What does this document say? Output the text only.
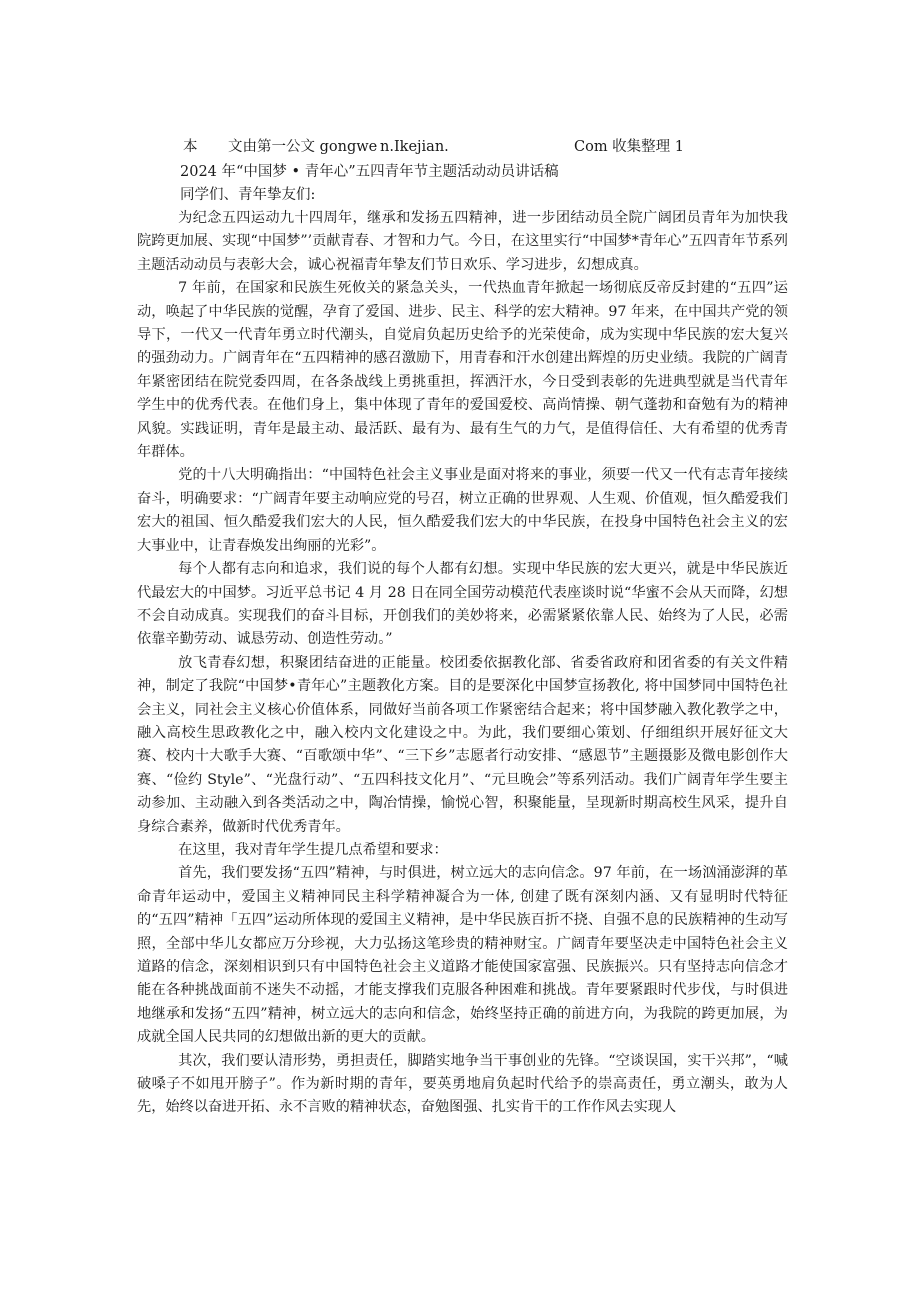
本 文由第一公文 gongwe n.Ikejian.	Com 收集整理 1
2024 年“中国梦 • 青年心”五四青年节主题活动动员讲话稿
同学们、青年挚友们:

为纪念五四运动九十四周年，继承和发扬五四精神，进一步团结动员全院广阔团员青年为加快我院跨更加展、实现“中国梦”’贡献青春、才智和力气。今日，在这里实行“中国梦*青年心”五四青年节系列主题活动动员与表彰大会，诚心祝福青年挚友们节日欢乐、学习进步，幻想成真。

7 年前，在国家和民族生死攸关的紧急关头，一代热血青年掀起一场彻底反帝反封建的“五四”运动，唤起了中华民族的觉醒，孕育了爱国、进步、民主、科学的宏大精神。97 年来，在中国共产党的领导下，一代又一代青年勇立时代潮头，自觉肩负起历史给予的光荣使命，成为实现中华民族的宏大复兴的强劲动力。广阔青年在“五四精神的感召激励下，用青春和汗水创建出辉煌的历史业绩。我院的广阔青年紧密团结在院党委四周，在各条战线上勇挑重担，挥洒汗水，今日受到表彰的先进典型就是当代青年学生中的优秀代表。在他们身上，集中体现了青年的爱国爱校、高尚情操、朝气蓬勃和奋勉有为的精神风貌。实践证明，青年是最主动、最活跃、最有为、最有生气的力气，是值得信任、大有希望的优秀青年群体。

党的十八大明确指出：“中国特色社会主义事业是面对将来的事业，须要一代又一代有志青年接续奋斗，明确要求：“广阔青年要主动响应党的号召，树立正确的世界观、人生观、价值观，恒久酷爱我们宏大的祖国、恒久酷爱我们宏大的人民，恒久酷爱我们宏大的中华民族，在投身中国特色社会主义的宏大事业中，让青春焕发出绚丽的光彩”。

每个人都有志向和追求，我们说的每个人都有幻想。实现中华民族的宏大更兴，就是中华民族近代最宏大的中国梦。习近平总书记 4 月 28 日在同全国劳动模范代表座谈时说“华蜜不会从天而降，幻想不会自动成真。实现我们的奋斗目标，开创我们的美妙将来，必需紧紧依靠人民、始终为了人民，必需依靠辛勤劳动、诚恳劳动、创造性劳动。”

放飞青春幻想，积聚团结奋进的正能量。校团委依据教化部、省委省政府和团省委的有关文件精神，制定了我院“中国梦•青年心”主题教化方案。目的是要深化中国梦宣扬教化, 将中国梦同中国特色社会主义，同社会主义核心价值体系，同做好当前各项工作紧密结合起来；将中国梦融入教化教学之中，融入高校生思政教化之中，融入校内文化建设之中。为此，我们要细心策划、仔细组织开展好征文大赛、校内十大歌手大赛、“百歌颂中华”、“三下乡”志愿者行动安排、“感恩节”主题摄影及微电影创作大赛、“俭约 Style”、“光盘行动”、“五四科技文化月”、“元旦晚会”等系列活动。我们广阔青年学生要主动参加、主动融入到各类活动之中，陶冶情操，愉悦心智，积聚能量，呈现新时期高校生风采，提升自身综合素养，做新时代优秀青年。

在这里，我对青年学生提几点希望和要求：

首先，我们要发扬“五四”精神，与时俱进，树立远大的志向信念。97 年前，在一场汹涌澎湃的革命青年运动中，爱国主义精神同民主科学精神凝合为一体, 创建了既有深刻内涵、又有显明时代特征的“五四”精神「五四”运动所体现的爱国主义精神，是中华民族百折不挠、自强不息的民族精神的生动写照，全部中华儿女都应万分珍视，大力弘扬这笔珍贵的精神财宝。广阔青年要坚决走中国特色社会主义道路的信念，深刻相识到只有中国特色社会主义道路才能使国家富强、民族振兴。只有坚持志向信念才能在各种挑战面前不迷失不动摇，才能支撑我们克服各种困难和挑战。青年要紧跟时代步伐，与时俱进地继承和发扬“五四”精神，树立远大的志向和信念，始终坚持正确的前进方向，为我院的跨更加展，为成就全国人民共同的幻想做出新的更大的贡献。

其次，我们要认清形势，勇担责任，脚踏实地争当干事创业的先锋。“空谈误国，实干兴邦”，“喊破嗓子不如甩开膀子”。作为新时期的青年，要英勇地肩负起时代给予的崇高责任，勇立潮头，敢为人先，始终以奋进开拓、永不言败的精神状态，奋勉图强、扎实肯干的工作作风去实现人
